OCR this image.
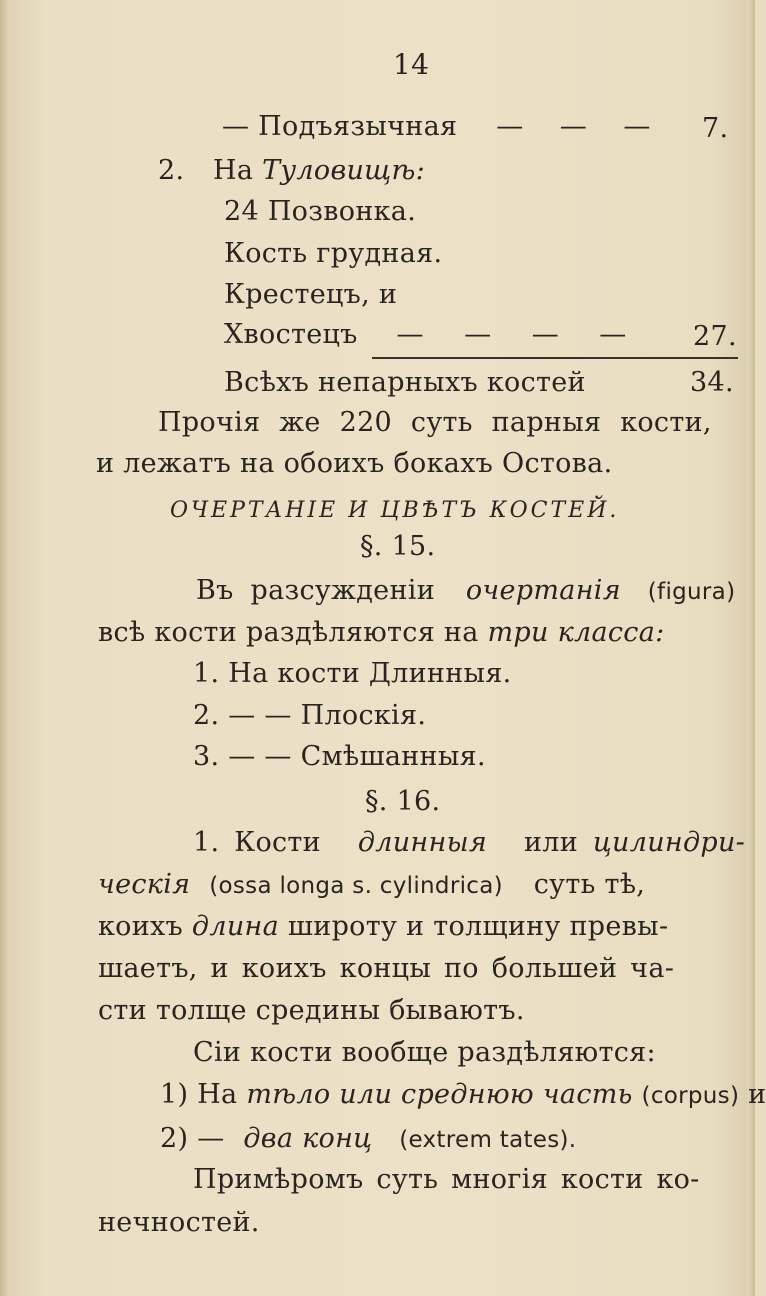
14
— Подъязычная — — — 7.
2. На Туловищѣ:
24 Позвонка.
Кость грудная.
Крестецъ, и
Хвостецъ — — — — 27.
Всѣхъ непарныхъ костей	34.
Прочія же 220 суть парныя кости,
и лежатъ на обоихъ бокахъ Остова.
ОЧЕРТАНІЕ И ЦВѢТЪ КОСТЕЙ.
§. 15.
Въ разсужденіи очертанія (figura)
всѣ кости раздѣляются на три класса:
1. На кости Длинныя.
2. — — Плоскія.
3. — — Смѣшанныя.
§. 16.
1. Кости длинныя или цилиндри-
ческія (ossa longa s. cylindrica) суть тѣ,
коихъ длина широту и толщину превы-
шаетъ, и коихъ концы по большей ча-
сти толще средины бываютъ.
Сіи кости вообще раздѣляются:
1) На тѣло или среднюю часть (corpus) и
2) — два конц (extrem tates).
Примѣромъ суть многія кости ко-
нечностей.
